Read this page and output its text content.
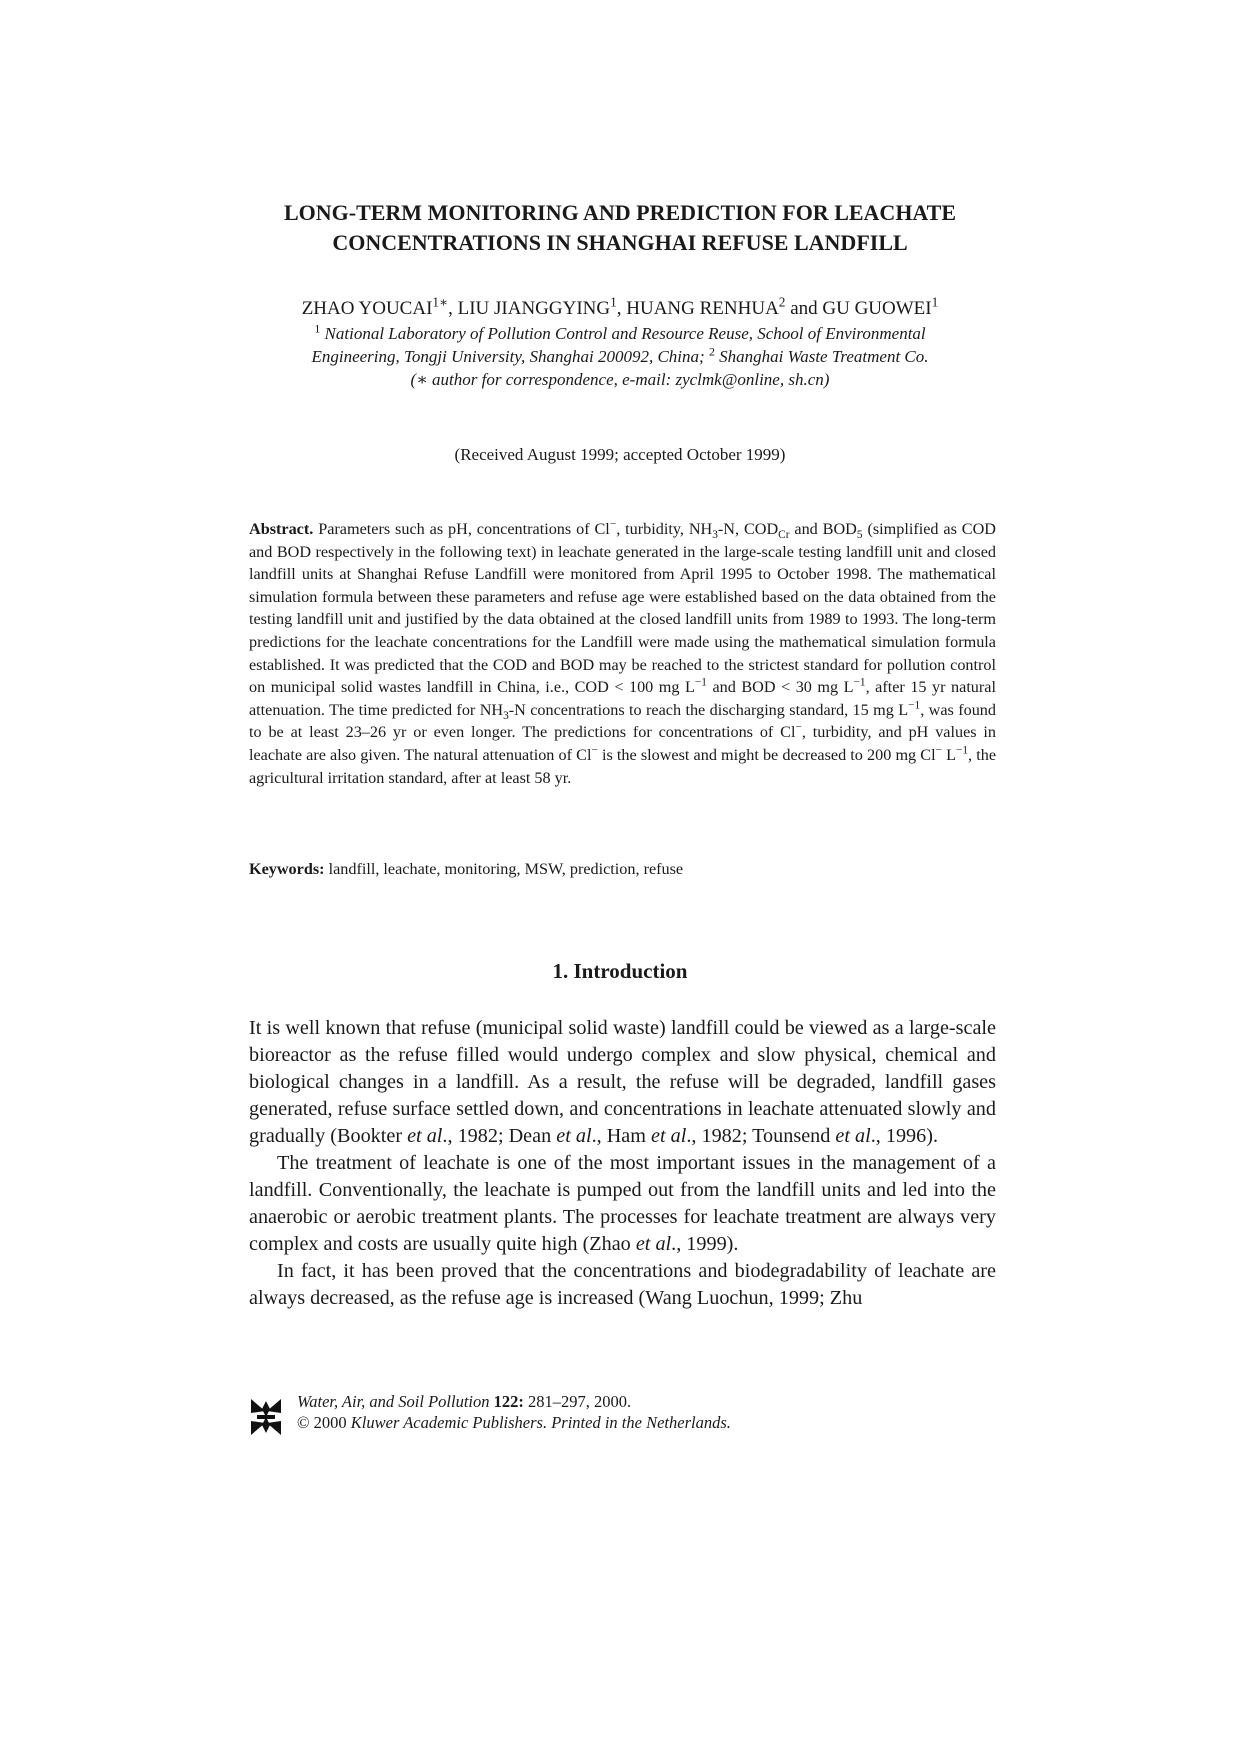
LONG-TERM MONITORING AND PREDICTION FOR LEACHATE
CONCENTRATIONS IN SHANGHAI REFUSE LANDFILL
ZHAO $YOUCAI^{1∗}$, LIU JIANGGYING$^1$, HUANG RENHUA$^2$ and GU GUOWEI$^1$
$^1$ National Laboratory of Pollution Control and Resource Reuse, School of Environmental
Engineering, Tongji University, Shanghai 200092, China; $^2$ Shanghai Waste Treatment Co.
(∗ author for correspondence, e-mail: zyclmk@online, sh.cn)
(Received August 1999; accepted October 1999)
Abstract. Parameters such as pH, concentrations of Cl−, turbidity, $NH_3-N$, $COD_{Cr}$ and $BOD_5$ (simplified as COD and BOD respectively in the following text) in leachate generated in the large-scale testing landfill unit and closed landfill units at Shanghai Refuse Landfill were monitored from April 1995 to October 1998. The mathematical simulation formula between these parameters and refuse age were established based on the data obtained from the testing landfill unit and justified by the data obtained at the closed landfill units from 1989 to 1993. The long-term predictions for the leachate concentrations for the Landfill were made using the mathematical simulation formula established. It was predicted that the COD and BOD may be reached to the strictest standard for pollution control on municipal solid wastes landfill in China, i.e., COD < 100 mg $L^{-1}$ and BOD < 30 mg $L^{-1}$, after 15 yr natural attenuation. The time predicted for $NH_3-N$ concentrations to reach the discharging standard, 15 mg $L^{-1}$, was found to be at least 23–26 yr or even longer. The predictions for concentrations of Cl−, turbidity, and pH values in leachate are also given. The natural attenuation of Cl− is the slowest and might be decreased to 200 mg Cl− $L^{-1}$, the agricultural irritation standard, after at least 58 yr.
Keywords: landfill, leachate, monitoring, MSW, prediction, refuse
1. Introduction

It is well known that refuse (municipal solid waste) landfill could be viewed as a large-scale bioreactor as the refuse filled would undergo complex and slow physical, chemical and biological changes in a landfill. As a result, the refuse will be degraded, landfill gases generated, refuse surface settled down, and concentrations in leachate attenuated slowly and gradually (Bookter et al., 1982; Dean et al., Ham et al., 1982; Tounsend et al., 1996).

The treatment of leachate is one of the most important issues in the management of a landfill. Conventionally, the leachate is pumped out from the landfill units and led into the anaerobic or aerobic treatment plants. The processes for leachate treatment are always very complex and costs are usually quite high (Zhao et al., 1999).

In fact, it has been proved that the concentrations and biodegradability of leachate are always decreased, as the refuse age is increased (Wang Luochun, 1999; Zhu

Water, Air, and Soil Pollution 122: 281–297, 2000.
© 2000 Kluwer Academic Publishers. Printed in the Netherlands.
